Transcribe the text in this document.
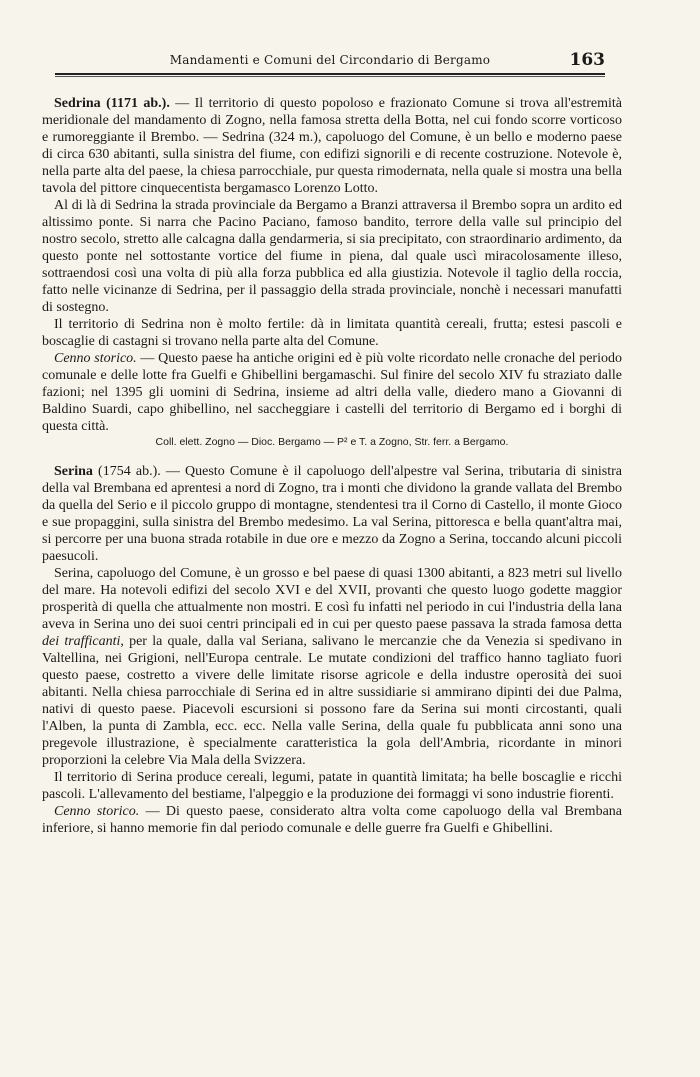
Mandamenti e Comuni del Circondario di Bergamo	163

Sedrina (1171 ab.). — Il territorio di questo popoloso e frazionato Comune si trova all'estremità meridionale del mandamento di Zogno, nella famosa stretta della Botta, nel cui fondo scorre vorticoso e rumoreggiante il Brembo. — Sedrina (324 m.), capoluogo del Comune, è un bello e moderno paese di circa 630 abitanti, sulla sinistra del fiume, con edifizi signorili e di recente costruzione. Notevole è, nella parte alta del paese, la chiesa parrocchiale, pur questa rimodernata, nella quale si mostra una bella tavola del pittore cinquecentista bergamasco Lorenzo Lotto.

Al di là di Sedrina la strada provinciale da Bergamo a Branzi attraversa il Brembo sopra un ardito ed altissimo ponte. Si narra che Pacino Paciano, famoso bandito, terrore della valle sul principio del nostro secolo, stretto alle calcagna dalla gendarmeria, si sia precipitato, con straordinario ardimento, da questo ponte nel sottostante vortice del fiume in piena, dal quale uscì miracolosamente illeso, sottraendosi così una volta di più alla forza pubblica ed alla giustizia. Notevole il taglio della roccia, fatto nelle vicinanze di Sedrina, per il passaggio della strada provinciale, nonchè i necessari manufatti di sostegno.

Il territorio di Sedrina non è molto fertile: dà in limitata quantità cereali, frutta; estesi pascoli e boscaglie di castagni si trovano nella parte alta del Comune.

Cenno storico. — Questo paese ha antiche origini ed è più volte ricordato nelle cronache del periodo comunale e delle lotte fra Guelfi e Ghibellini bergamaschi. Sul finire del secolo XIV fu straziato dalle fazioni; nel 1395 gli uomini di Sedrina, insieme ad altri della valle, diedero mano a Giovanni di Baldino Suardi, capo ghibellino, nel saccheggiare i castelli del territorio di Bergamo ed i borghi di questa città.

Coll. elett. Zogno — Dioc. Bergamo — P² e T. a Zogno, Str. ferr. a Bergamo.

Serina (1754 ab.). — Questo Comune è il capoluogo dell'alpestre val Serina, tributaria di sinistra della val Brembana ed aprentesi a nord di Zogno, tra i monti che dividono la grande vallata del Brembo da quella del Serio e il piccolo gruppo di montagne, stendentesi tra il Corno di Castello, il monte Gioco e sue propaggini, sulla sinistra del Brembo medesimo. La val Serina, pittoresca e bella quant'altra mai, si percorre per una buona strada rotabile in due ore e mezzo da Zogno a Serina, toccando alcuni piccoli paesucoli.

Serina, capoluogo del Comune, è un grosso e bel paese di quasi 1300 abitanti, a 823 metri sul livello del mare. Ha notevoli edifizi del secolo XVI e del XVII, provanti che questo luogo godette maggior prosperità di quella che attualmente non mostri. E così fu infatti nel periodo in cui l'industria della lana aveva in Serina uno dei suoi centri principali ed in cui per questo paese passava la strada famosa detta dei trafficanti, per la quale, dalla val Seriana, salivano le mercanzie che da Venezia si spedivano in Valtellina, nei Grigioni, nell'Europa centrale. Le mutate condizioni del traffico hanno tagliato fuori questo paese, costretto a vivere delle limitate risorse agricole e della industre operosità dei suoi abitanti. Nella chiesa parrocchiale di Serina ed in altre sussidiarie si ammirano dipinti dei due Palma, nativi di questo paese. Piacevoli escursioni si possono fare da Serina sui monti circostanti, quali l'Alben, la punta di Zambla, ecc. ecc. Nella valle Serina, della quale fu pubblicata anni sono una pregevole illustrazione, è specialmente caratteristica la gola dell'Ambria, ricordante in minori proporzioni la celebre Via Mala della Svizzera.

Il territorio di Serina produce cereali, legumi, patate in quantità limitata; ha belle boscaglie e ricchi pascoli. L'allevamento del bestiame, l'alpeggio e la produzione dei formaggi vi sono industrie fiorenti.

Cenno storico. — Di questo paese, considerato altra volta come capoluogo della val Brembana inferiore, si hanno memorie fin dal periodo comunale e delle guerre fra Guelfi e Ghibellini.
